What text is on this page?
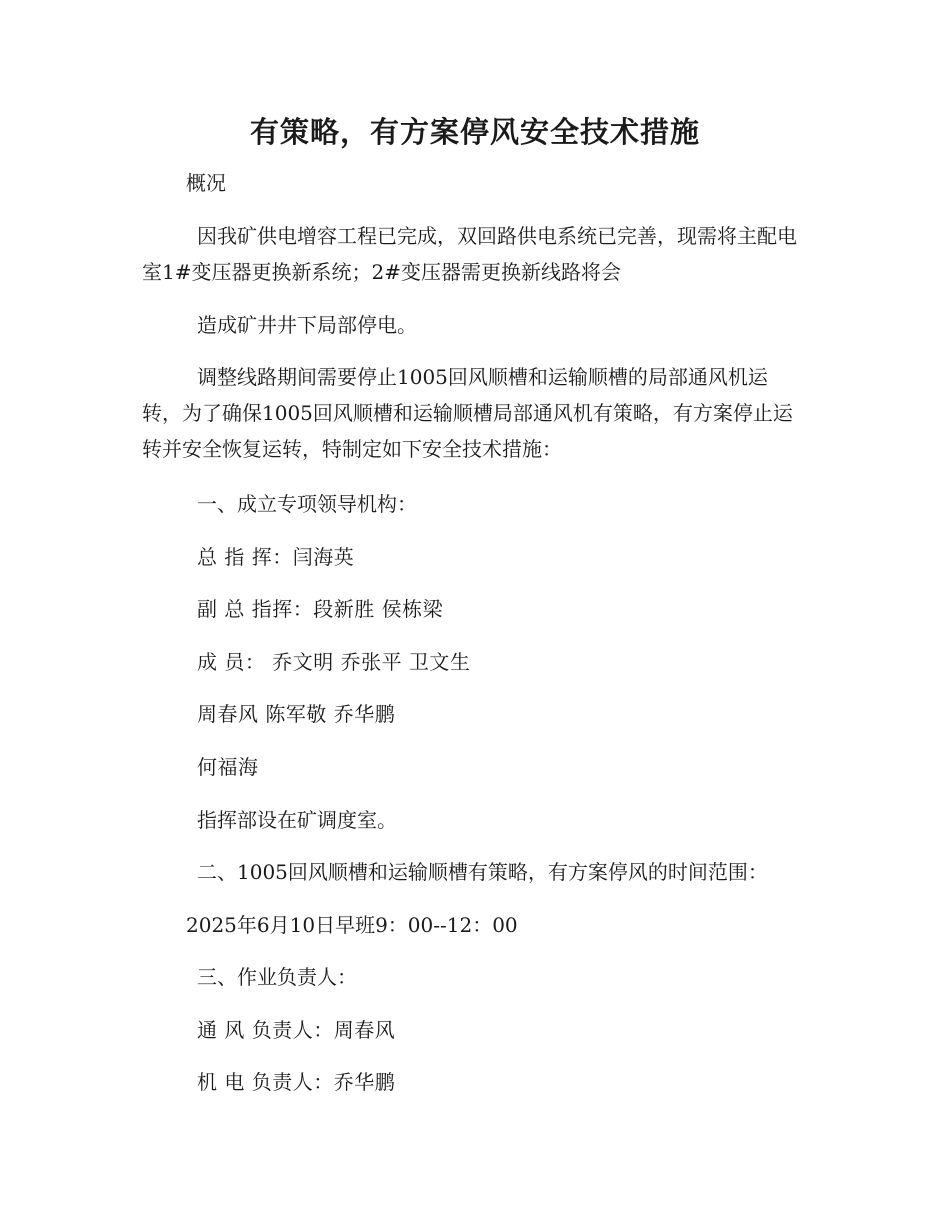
有策略，有方案停风安全技术措施

概况

因我矿供电增容工程已完成，双回路供电系统已完善，现需将主配电室1#变压器更换新系统；2#变压器需更换新线路将会

造成矿井井下局部停电。

调整线路期间需要停止1005回风顺槽和运输顺槽的局部通风机运转，为了确保1005回风顺槽和运输顺槽局部通风机有策略，有方案停止运转并安全恢复运转，特制定如下安全技术措施：

一、成立专项领导机构：

总 指 挥：闫海英

副 总 指挥：段新胜 侯栋梁

成 员： 乔文明 乔张平 卫文生

周春风 陈军敬 乔华鹏

何福海

指挥部设在矿调度室。

二、1005回风顺槽和运输顺槽有策略，有方案停风的时间范围：

2025年6月10日早班9：00--12：00

三、作业负责人：

通 风 负责人：周春风

机 电 负责人：乔华鹏
